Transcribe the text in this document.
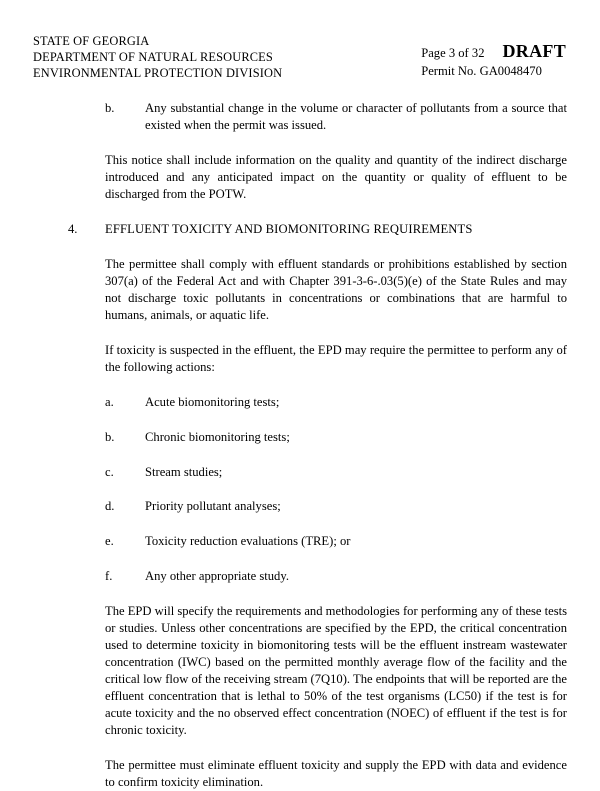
STATE OF GEORGIA
DEPARTMENT OF NATURAL RESOURCES
ENVIRONMENTAL PROTECTION DIVISION
Page 3 of 32 DRAFT
Permit No. GA0048470
b.	Any substantial change in the volume or character of pollutants from a source that existed when the permit was issued.

This notice shall include information on the quality and quantity of the indirect discharge introduced and any anticipated impact on the quantity or quality of effluent to be discharged from the POTW.

4.	EFFLUENT TOXICITY AND BIOMONITORING REQUIREMENTS

The permittee shall comply with effluent standards or prohibitions established by section 307(a) of the Federal Act and with Chapter 391-3-6-.03(5)(e) of the State Rules and may not discharge toxic pollutants in concentrations or combinations that are harmful to humans, animals, or aquatic life.

If toxicity is suspected in the effluent, the EPD may require the permittee to perform any of the following actions:

a.	Acute biomonitoring tests;
b.	Chronic biomonitoring tests;
c.	Stream studies;
d.	Priority pollutant analyses;
e.	Toxicity reduction evaluations (TRE); or
f.	Any other appropriate study.

The EPD will specify the requirements and methodologies for performing any of these tests or studies. Unless other concentrations are specified by the EPD, the critical concentration used to determine toxicity in biomonitoring tests will be the effluent instream wastewater concentration (IWC) based on the permitted monthly average flow of the facility and the critical low flow of the receiving stream (7Q10). The endpoints that will be reported are the effluent concentration that is lethal to 50% of the test organisms (LC50) if the test is for acute toxicity and the no observed effect concentration (NOEC) of effluent if the test is for chronic toxicity.

The permittee must eliminate effluent toxicity and supply the EPD with data and evidence to confirm toxicity elimination.
